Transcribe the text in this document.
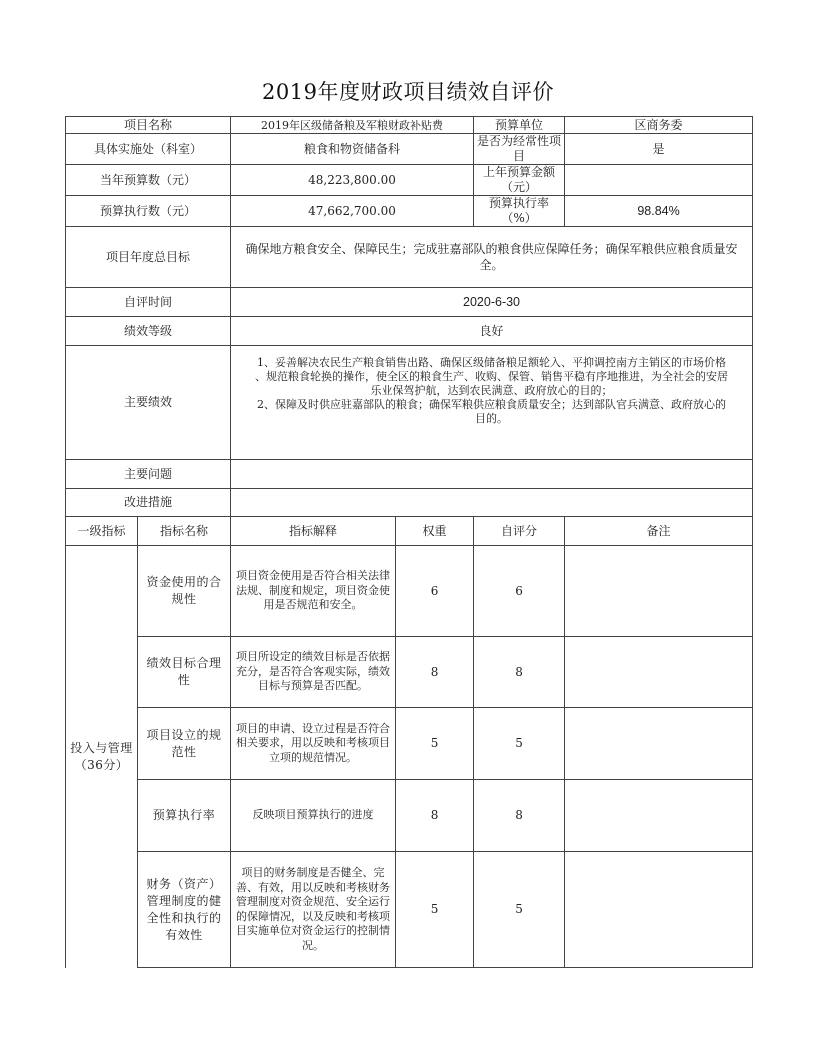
2019年度财政项目绩效自评价
项目名称		2019年区级储备粮及军粮财政补贴费		预算单位	区商务委
具体实施处（科室）		粮食和物资储备科		是否为经常性项目	是
当年预算数（元）		48,223,800.00		上年预算金额（元）	
预算执行数（元）		47,662,700.00		预算执行率（%）	98.84%
项目年度总目标		确保地方粮食安全、保障民生；完成驻嘉部队的粮食供应保障任务；确保军粮供应粮食质量安全。			
自评时间		2020-6-30			
绩效等级		良好			
主要绩效		1、妥善解决农民生产粮食销售出路、确保区级储备粮足额轮入、平抑调控南方主销区的市场价格
、规范粮食轮换的操作，使全区的粮食生产、收购、保管、销售平稳有序地推进，为全社会的安居
乐业保驾护航，达到农民满意、政府放心的目的；
2、保障及时供应驻嘉部队的粮食；确保军粮供应粮食质量安全；达到部队官兵满意、政府放心的
目的。			

主要问题					
改进措施					
一级指标	指标名称	指标解释	权重	自评分	备注

投入与管理
（36分）	资金使用的合规性	项目资金使用是否符合相关法律法规、制度和规定，项目资金使用是否规范和安全。	6	6	
	绩效目标合理性	项目所设定的绩效目标是否依据充分，是否符合客观实际，绩效目标与预算是否匹配。	8	8	
	项目设立的规范性	项目的申请、设立过程是否符合相关要求，用以反映和考核项目立项的规范情况。	5	5	
	预算执行率	反映项目预算执行的进度	8	8	
	财务（资产）管理制度的健全性和执行的有效性	项目的财务制度是否健全、完善、有效，用以反映和考核财务管理制度对资金规范、安全运行的保障情况，以及反映和考核项目实施单位对资金运行的控制情况。	5	5	
